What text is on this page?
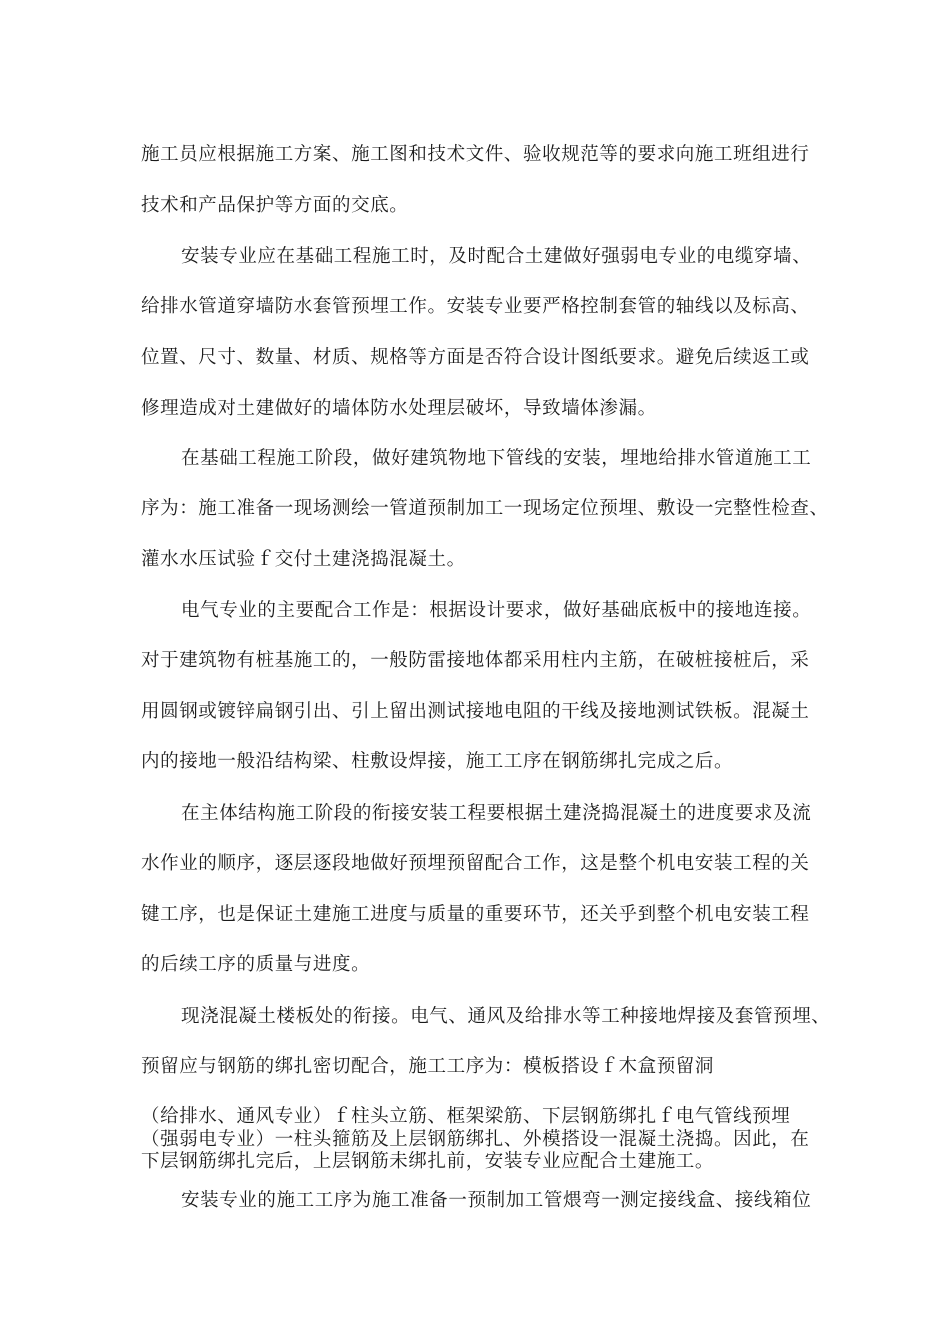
施工员应根据施工方案、施工图和技术文件、验收规范等的要求向施工班组进行
技术和产品保护等方面的交底。
安装专业应在基础工程施工时，及时配合土建做好强弱电专业的电缆穿墙、
给排水管道穿墙防水套管预埋工作。安装专业要严格控制套管的轴线以及标高、
位置、尺寸、数量、材质、规格等方面是否符合设计图纸要求。避免后续返工或
修理造成对土建做好的墙体防水处理层破坏，导致墙体渗漏。
在基础工程施工阶段，做好建筑物地下管线的安装，埋地给排水管道施工工
序为：施工准备一现场测绘一管道预制加工一现场定位预埋、敷设一完整性检查、
灌水水压试验ｆ交付土建浇捣混凝土。
电气专业的主要配合工作是：根据设计要求，做好基础底板中的接地连接。
对于建筑物有桩基施工的，一般防雷接地体都采用柱内主筋，在破桩接桩后，采
用圆钢或镀锌扁钢引出、引上留出测试接地电阻的干线及接地测试铁板。混凝土
内的接地一般沿结构梁、柱敷设焊接，施工工序在钢筋绑扎完成之后。
在主体结构施工阶段的衔接安装工程要根据土建浇捣混凝土的进度要求及流
水作业的顺序，逐层逐段地做好预埋预留配合工作，这是整个机电安装工程的关
键工序，也是保证土建施工进度与质量的重要环节，还关乎到整个机电安装工程
的后续工序的质量与进度。
现浇混凝土楼板处的衔接。电气、通风及给排水等工种接地焊接及套管预埋、
预留应与钢筋的绑扎密切配合，施工工序为：模板搭设ｆ木盒预留洞
（给排水、通风专业）ｆ柱头立筋、框架梁筋、下层钢筋绑扎ｆ电气管线预埋
（强弱电专业）一柱头箍筋及上层钢筋绑扎、外模搭设一混凝土浇捣。因此，在
下层钢筋绑扎完后，上层钢筋未绑扎前，安装专业应配合土建施工。
安装专业的施工工序为施工准备一预制加工管煨弯一测定接线盒、接线箱位
